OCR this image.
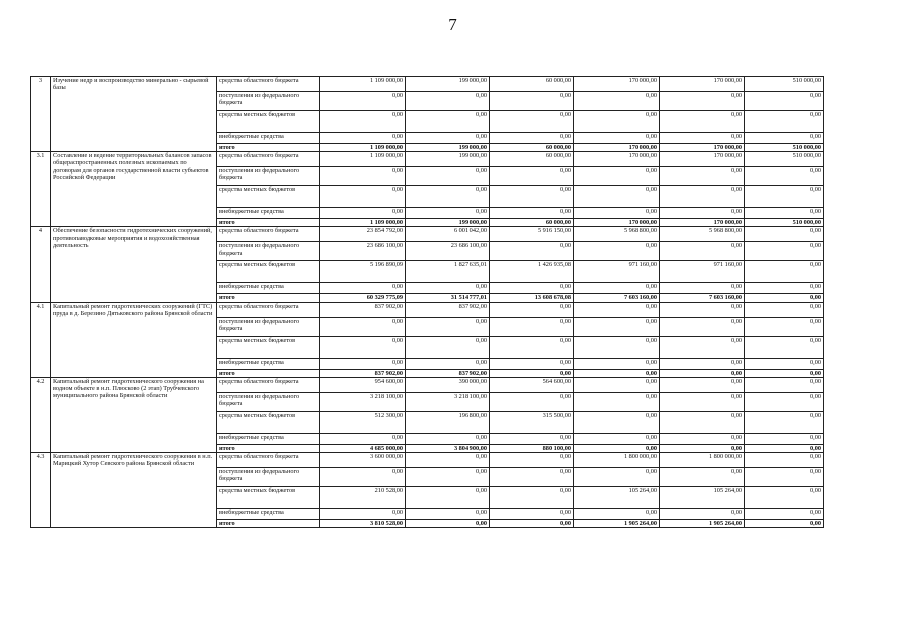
7
3	Изучение недр и воспроизводство минерально - сырьевой базы	средства областного бюджета	1 109 000,00	199 000,00	60 000,00	170 000,00	170 000,00	510 000,00
		поступления из федерального бюджета	0,00	0,00	0,00	0,00	0,00	0,00
		средства местных бюджетов	0,00	0,00	0,00	0,00	0,00	0,00
		внебюджетные средства	0,00	0,00	0,00	0,00	0,00	0,00
		итого	1 109 000,00	199 000,00	60 000,00	170 000,00	170 000,00	510 000,00
3.1	Составление и ведение территориальных балансов запасов общераспространенных полезных ископаемых по договорам для органов государственной власти субъектов Российской Федерации	средства областного бюджета	1 109 000,00	199 000,00	60 000,00	170 000,00	170 000,00	510 000,00
		поступления из федерального бюджета	0,00	0,00	0,00	0,00	0,00	0,00
		средства местных бюджетов	0,00	0,00	0,00	0,00	0,00	0,00
		внебюджетные средства	0,00	0,00	0,00	0,00	0,00	0,00
		итого	1 109 000,00	199 000,00	60 000,00	170 000,00	170 000,00	510 000,00
4	Обеспечение безопасности гидротехнических сооружений, противопаводковые мероприятия и водохозяйственная деятельность	средства областного бюджета	23 854 792,00	6 001 042,00	5 916 150,00	5 968 800,00	5 968 800,00	0,00
		поступления из федерального бюджета	23 686 100,00	23 686 100,00	0,00	0,00	0,00	0,00
		средства местных бюджетов	5 196 890,09	1 827 635,01	1 426 935,08	971 160,00	971 160,00	0,00
		внебюджетные средства	0,00	0,00	0,00	0,00	0,00	0,00
		итого	60 329 775,09	31 514 777,01	13 608 678,08	7 603 160,00	7 603 160,00	0,00
4.1	Капитальный ремонт гидротехнических сооружений (ГТС) пруда в д. Березино Дятьковского района Брянской области	средства областного бюджета	837 902,00	837 902,00	0,00	0,00	0,00	0,00
		поступления из федерального бюджета	0,00	0,00	0,00	0,00	0,00	0,00
		средства местных бюджетов	0,00	0,00	0,00	0,00	0,00	0,00
		внебюджетные средства	0,00	0,00	0,00	0,00	0,00	0,00
		итого	837 902,00	837 902,00	0,00	0,00	0,00	0,00
4.2	Капитальный ремонт гидротехнического сооружения на водном объекте в н.п. Плюсково (2 этап) Трубчевского муниципального района Брянской области	средства областного бюджета	954 600,00	390 000,00	564 600,00	0,00	0,00	0,00
		поступления из федерального бюджета	3 218 100,00	3 218 100,00	0,00	0,00	0,00	0,00
		средства местных бюджетов	512 300,00	196 800,00	315 500,00	0,00	0,00	0,00
		внебюджетные средства	0,00	0,00	0,00	0,00	0,00	0,00
		итого	4 685 000,00	3 804 900,00	880 100,00	0,00	0,00	0,00
4.3	Капитальный ремонт гидротехнического сооружения в н.п. Марицкий Хутор Севского района Брянской области	средства областного бюджета	3 600 000,00	0,00	0,00	1 800 000,00	1 800 000,00	0,00
		поступления из федерального бюджета	0,00	0,00	0,00	0,00	0,00	0,00
		средства местных бюджетов	210 528,00	0,00	0,00	105 264,00	105 264,00	0,00
		внебюджетные средства	0,00	0,00	0,00	0,00	0,00	0,00
		итого	3 810 528,00	0,00	0,00	1 905 264,00	1 905 264,00	0,00
